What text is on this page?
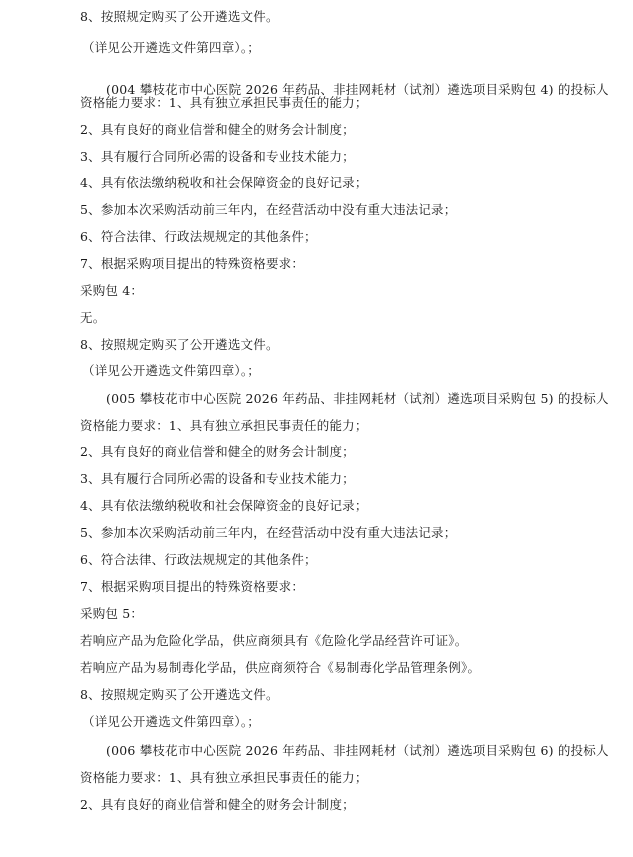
8、按照规定购买了公开遴选文件。
（详见公开遴选文件第四章）。；
(004 攀枝花市中心医院 2026 年药品、非挂网耗材（试剂）遴选项目采购包 4) 的投标人
资格能力要求：1、具有独立承担民事责任的能力；
2、具有良好的商业信誉和健全的财务会计制度；
3、具有履行合同所必需的设备和专业技术能力；
4、具有依法缴纳税收和社会保障资金的良好记录；
5、参加本次采购活动前三年内，在经营活动中没有重大违法记录；
6、符合法律、行政法规规定的其他条件；
7、根据采购项目提出的特殊资格要求：
采购包 4：
无。
8、按照规定购买了公开遴选文件。
（详见公开遴选文件第四章）。；
(005 攀枝花市中心医院 2026 年药品、非挂网耗材（试剂）遴选项目采购包 5) 的投标人
资格能力要求：1、具有独立承担民事责任的能力；
2、具有良好的商业信誉和健全的财务会计制度；
3、具有履行合同所必需的设备和专业技术能力；
4、具有依法缴纳税收和社会保障资金的良好记录；
5、参加本次采购活动前三年内，在经营活动中没有重大违法记录；
6、符合法律、行政法规规定的其他条件；
7、根据采购项目提出的特殊资格要求：
采购包 5：
若响应产品为危险化学品，供应商须具有《危险化学品经营许可证》。
若响应产品为易制毒化学品，供应商须符合《易制毒化学品管理条例》。
8、按照规定购买了公开遴选文件。
（详见公开遴选文件第四章）。；
(006 攀枝花市中心医院 2026 年药品、非挂网耗材（试剂）遴选项目采购包 6) 的投标人
资格能力要求：1、具有独立承担民事责任的能力；
2、具有良好的商业信誉和健全的财务会计制度；
